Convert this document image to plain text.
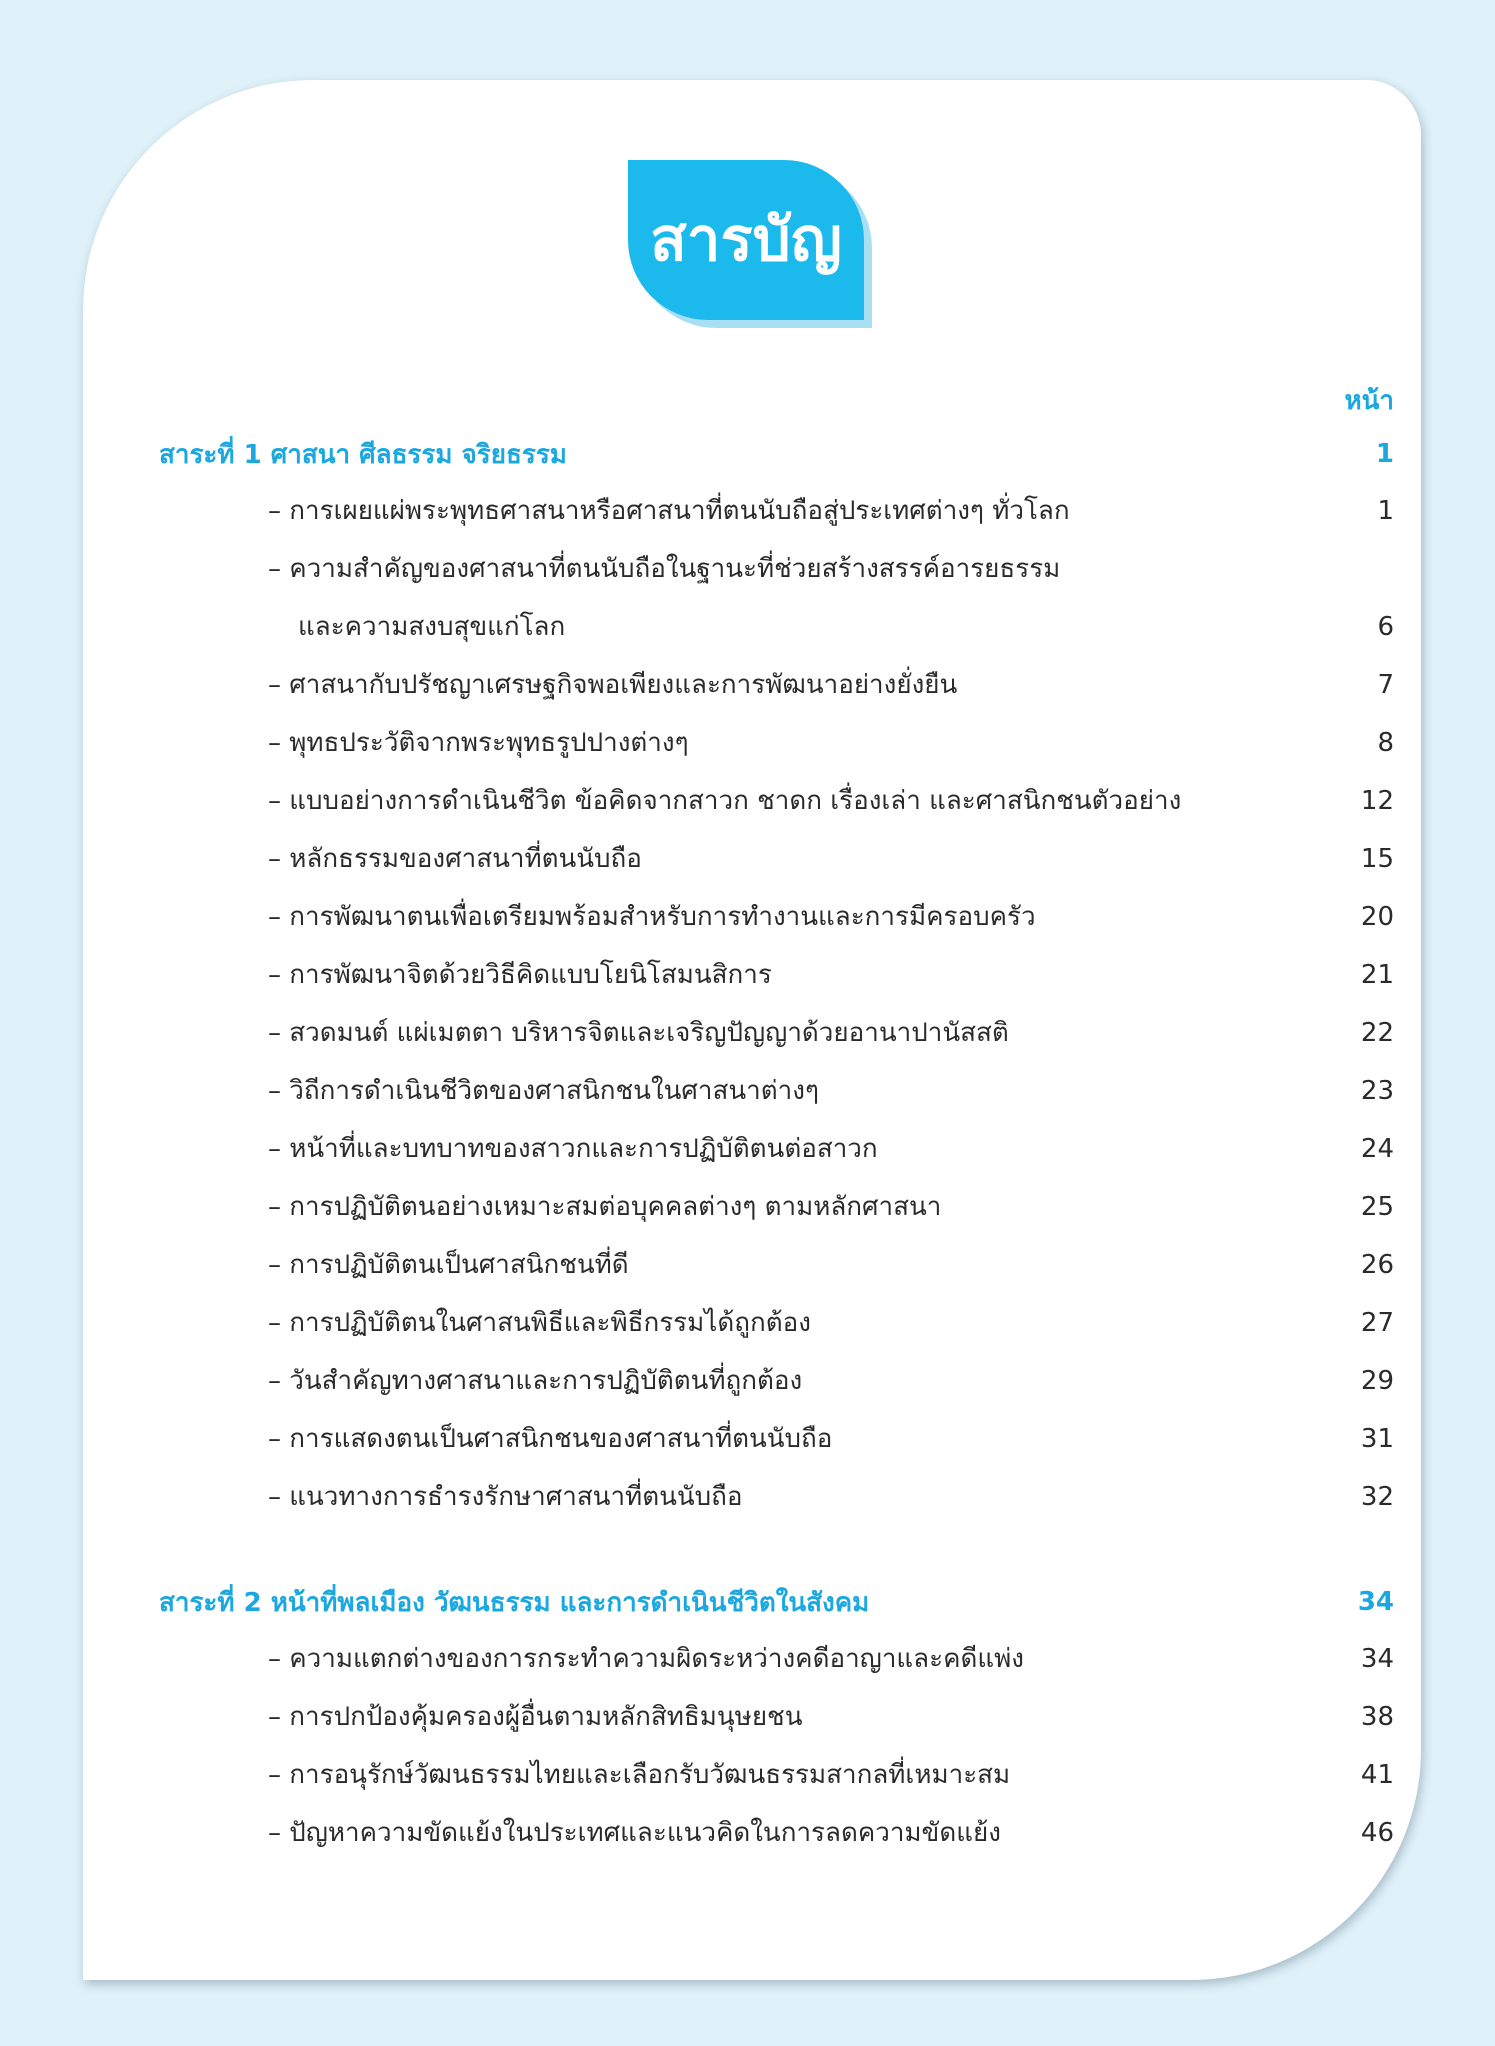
สารบัญ
หน้า
สาระที่ 1 ศาสนา ศีลธรรม จริยธรรม	1
– การเผยแผ่พระพุทธศาสนาหรือศาสนาที่ตนนับถือสู่ประเทศต่างๆ ทั่วโลก	1
– ความสำคัญของศาสนาที่ตนนับถือในฐานะที่ช่วยสร้างสรรค์อารยธรรม
และความสงบสุขแก่โลก	6
– ศาสนากับปรัชญาเศรษฐกิจพอเพียงและการพัฒนาอย่างยั่งยืน	7
– พุทธประวัติจากพระพุทธรูปปางต่างๆ	8
– แบบอย่างการดำเนินชีวิต ข้อคิดจากสาวก ชาดก เรื่องเล่า และศาสนิกชนตัวอย่าง	12
– หลักธรรมของศาสนาที่ตนนับถือ	15
– การพัฒนาตนเพื่อเตรียมพร้อมสำหรับการทำงานและการมีครอบครัว	20
– การพัฒนาจิตด้วยวิธีคิดแบบโยนิโสมนสิการ	21
– สวดมนต์ แผ่เมตตา บริหารจิตและเจริญปัญญาด้วยอานาปานัสสติ	22
– วิถีการดำเนินชีวิตของศาสนิกชนในศาสนาต่างๆ	23
– หน้าที่และบทบาทของสาวกและการปฏิบัติตนต่อสาวก	24
– การปฏิบัติตนอย่างเหมาะสมต่อบุคคลต่างๆ ตามหลักศาสนา	25
– การปฏิบัติตนเป็นศาสนิกชนที่ดี	26
– การปฏิบัติตนในศาสนพิธีและพิธีกรรมได้ถูกต้อง	27
– วันสำคัญทางศาสนาและการปฏิบัติตนที่ถูกต้อง	29
– การแสดงตนเป็นศาสนิกชนของศาสนาที่ตนนับถือ	31
– แนวทางการธำรงรักษาศาสนาที่ตนนับถือ	32
สาระที่ 2 หน้าที่พลเมือง วัฒนธรรม และการดำเนินชีวิตในสังคม	34
– ความแตกต่างของการกระทำความผิดระหว่างคดีอาญาและคดีแพ่ง	34
– การปกป้องคุ้มครองผู้อื่นตามหลักสิทธิมนุษยชน	38
– การอนุรักษ์วัฒนธรรมไทยและเลือกรับวัฒนธรรมสากลที่เหมาะสม	41
– ปัญหาความขัดแย้งในประเทศและแนวคิดในการลดความขัดแย้ง	46
